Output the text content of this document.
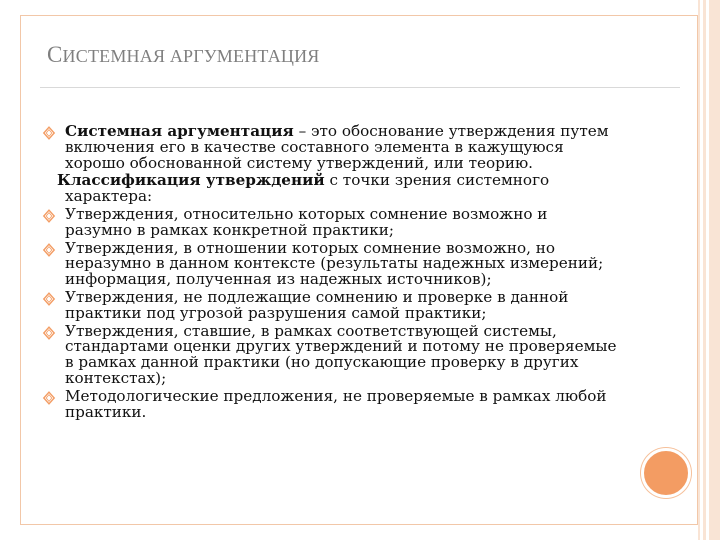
СИСТЕМНАЯ АРГУМЕНТАЦИЯ
Системная аргументация – это обоснование утверждения путем включения его в качестве составного элемента в кажущуюся хорошо обоснованной систему утверждений, или теорию.
Классификация утверждений с точки зрения системного
характера:
Утверждения, относительно которых сомнение возможно и разумно в рамках конкретной практики;
Утверждения, в отношении которых сомнение возможно, но неразумно в данном контексте (результаты надежных измерений; информация, полученная из надежных источников);
Утверждения, не подлежащие сомнению и проверке в данной практики под угрозой разрушения самой практики;
Утверждения, ставшие, в рамках соответствующей системы, стандартами оценки других утверждений и потому не проверяемые в рамках данной практики (но допускающие проверку в других контекстах);
Методологические предложения, не проверяемые в рамках любой практики.
